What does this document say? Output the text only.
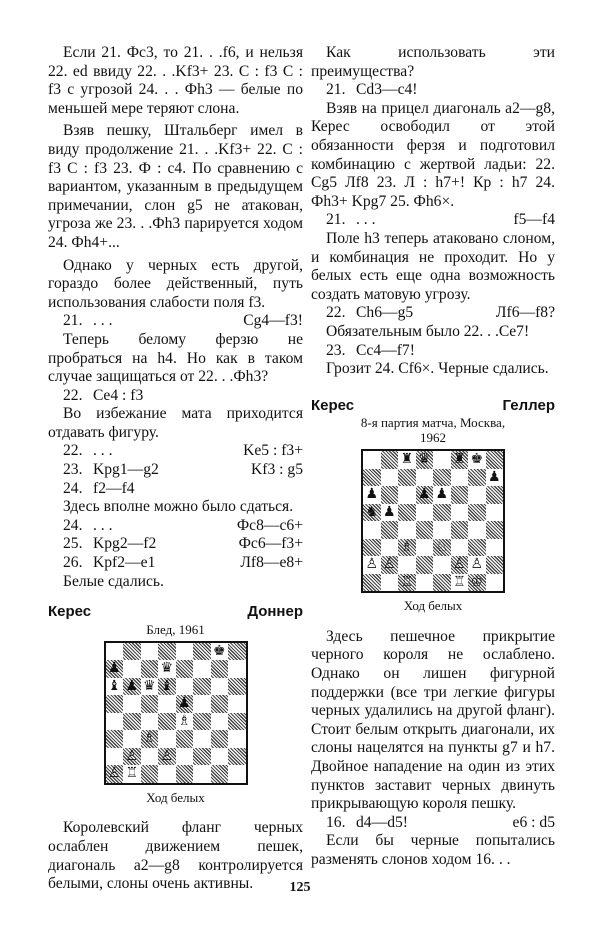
Если 21. Фс3, то 21. . .f6, и нельзя 22. ed ввиду 22. . .Kf3+ 23. C : f3 C : f3 с угрозой 24. . . Фh3 — белые по меньшей мере теряют слона.

Взяв пешку, Штальберг имел в виду продолжение 21. . .Kf3+ 22. C : f3 C : f3 23. Ф : c4. По сравнению с вариантом, указанным в предыдущем примечании, слон g5 не атакован, угроза же 23. . .Фh3 парируется ходом 24. Фh4+...

Однако у черных есть другой, гораздо более действенный, путь использования слабости поля f3.

21. . . .	Cg4—f3!

Теперь белому ферзю не пробраться на h4. Но как в таком случае защищаться от 22. . .Фh3?

22. Ce4 : f3

Во избежание мата приходится отдавать фигуру.

22. . . .	Ke5 : f3+
23. Kpg1—g2	Kf3 : g5
24. f2—f4

Здесь вполне можно было сдаться.

24. . . .	Фc8—c6+
25. Kpg2—f2	Фc6—f3+
26. Kpf2—e1	Лf8—e8+

Белые сдались.

Керес	Доннер
Блед, 1961
♚
♟	♛
♝ ♟ ♛ ♝
♟
♗
♗
♙ ♙
♙ ♖
Ход белых

Королевский фланг черных ослаблен движением пешек, диагональ a2—g8 контролируется белыми, слоны очень активны.

Как использовать эти преимущества?

21. Cd3—c4!

Взяв на прицел диагональ a2—g8, Керес освободил от этой обязанности ферзя и подготовил комбинацию с жертвой ладьи: 22. Cg5 Лf8 23. Л : h7+! Кр : h7 24. Фh3+ Kpg7 25. Фh6×.

21. . . .	f5—f4

Поле h3 теперь атаковано слоном, и комбинация не проходит. Но у белых есть еще одна возможность создать матовую угрозу.

22. Ch6—g5	Лf6—f8?

Обязательным было 22. . .Ce7!

23. Cc4—f7!

Грозит 24. Cf6×. Черные сдались.

Керес	Геллер
8-я партия матча, Москва, 1962
♜ ♛ ♜ ♚
♟
♟	♟ ♟
♞ ♟
♗ ♘
♙ ♙	♙ ♙
♖	♖ ♔
Ход белых

Здесь пешечное прикрытие черного короля не ослаблено. Однако он лишен фигурной поддержки (все три легкие фигуры черных удалились на другой фланг). Стоит белым открыть диагонали, их слоны нацелятся на пункты g7 и h7. Двойное нападение на один из этих пунктов заставит черных двинуть прикрывающую короля пешку.

16. d4—d5!	e6 : d5

Если бы черные попытались разменять слонов ходом 16. . .

125
